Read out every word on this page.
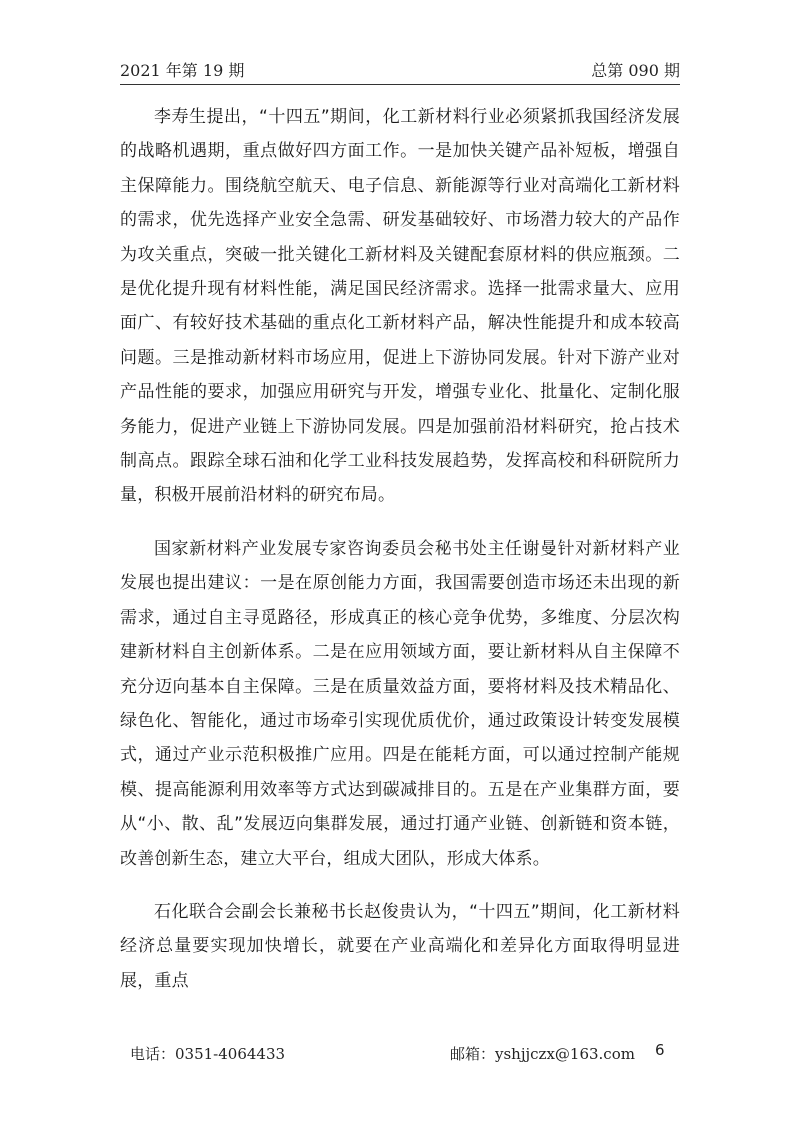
2021 年第 19 期	总第 090 期

李寿生提出，“十四五”期间，化工新材料行业必须紧抓我国经济发展的战略机遇期，重点做好四方面工作。一是加快关键产品补短板，增强自主保障能力。围绕航空航天、电子信息、新能源等行业对高端化工新材料的需求，优先选择产业安全急需、研发基础较好、市场潜力较大的产品作为攻关重点，突破一批关键化工新材料及关键配套原材料的供应瓶颈。二是优化提升现有材料性能，满足国民经济需求。选择一批需求量大、应用面广、有较好技术基础的重点化工新材料产品，解决性能提升和成本较高问题。三是推动新材料市场应用，促进上下游协同发展。针对下游产业对产品性能的要求，加强应用研究与开发，增强专业化、批量化、定制化服务能力，促进产业链上下游协同发展。四是加强前沿材料研究，抢占技术制高点。跟踪全球石油和化学工业科技发展趋势，发挥高校和科研院所力量，积极开展前沿材料的研究布局。

国家新材料产业发展专家咨询委员会秘书处主任谢曼针对新材料产业发展也提出建议：一是在原创能力方面，我国需要创造市场还未出现的新需求，通过自主寻觅路径，形成真正的核心竞争优势，多维度、分层次构建新材料自主创新体系。二是在应用领域方面，要让新材料从自主保障不充分迈向基本自主保障。三是在质量效益方面，要将材料及技术精品化、绿色化、智能化，通过市场牵引实现优质优价，通过政策设计转变发展模式，通过产业示范积极推广应用。四是在能耗方面，可以通过控制产能规模、提高能源利用效率等方式达到碳减排目的。五是在产业集群方面，要从“小、散、乱”发展迈向集群发展，通过打通产业链、创新链和资本链，改善创新生态，建立大平台，组成大团队，形成大体系。

石化联合会副会长兼秘书长赵俊贵认为，“十四五”期间，化工新材料经济总量要实现加快增长，就要在产业高端化和差异化方面取得明显进展，重点

电话：0351-4064433	邮箱：yshjjczx@163.com 6
